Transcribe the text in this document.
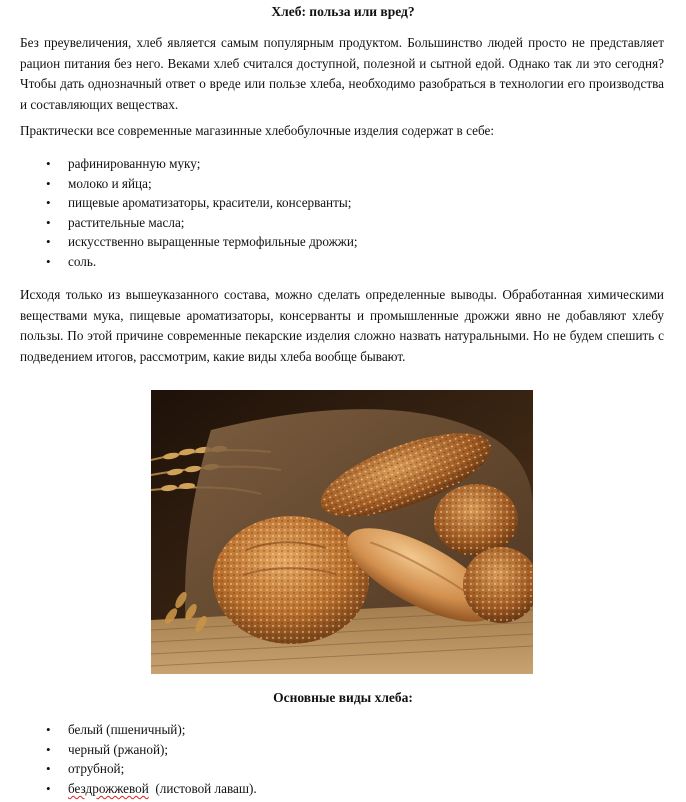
Хлеб: польза или вред?

Без преувеличения, хлеб является самым популярным продуктом. Большинство людей просто не представляет рацион питания без него. Веками хлеб считался доступной, полезной и сытной едой. Однако так ли это сегодня? Чтобы дать однозначный ответ о вреде или пользе хлеба, необходимо разобраться в технологии его производства и составляющих веществах.

Практически все современные магазинные хлебобулочные изделия содержат в себе:

• рафинированную муку;
• молоко и яйца;
• пищевые ароматизаторы, красители, консерванты;
• растительные масла;
• искусственно выращенные термофильные дрожжи;
• соль.

Исходя только из вышеуказанного состава, можно сделать определенные выводы. Обработанная химическими веществами мука, пищевые ароматизаторы, консерванты и промышленные дрожжи явно не добавляют хлебу пользы. По этой причине современные пекарские изделия сложно назвать натуральными. Но не будем спешить с подведением итогов, рассмотрим, какие виды хлеба вообще бывают.

Основные виды хлеба:
• белый (пшеничный);
• черный (ржаной);
• отрубной;
• бездрожжевой  (листовой лаваш).
